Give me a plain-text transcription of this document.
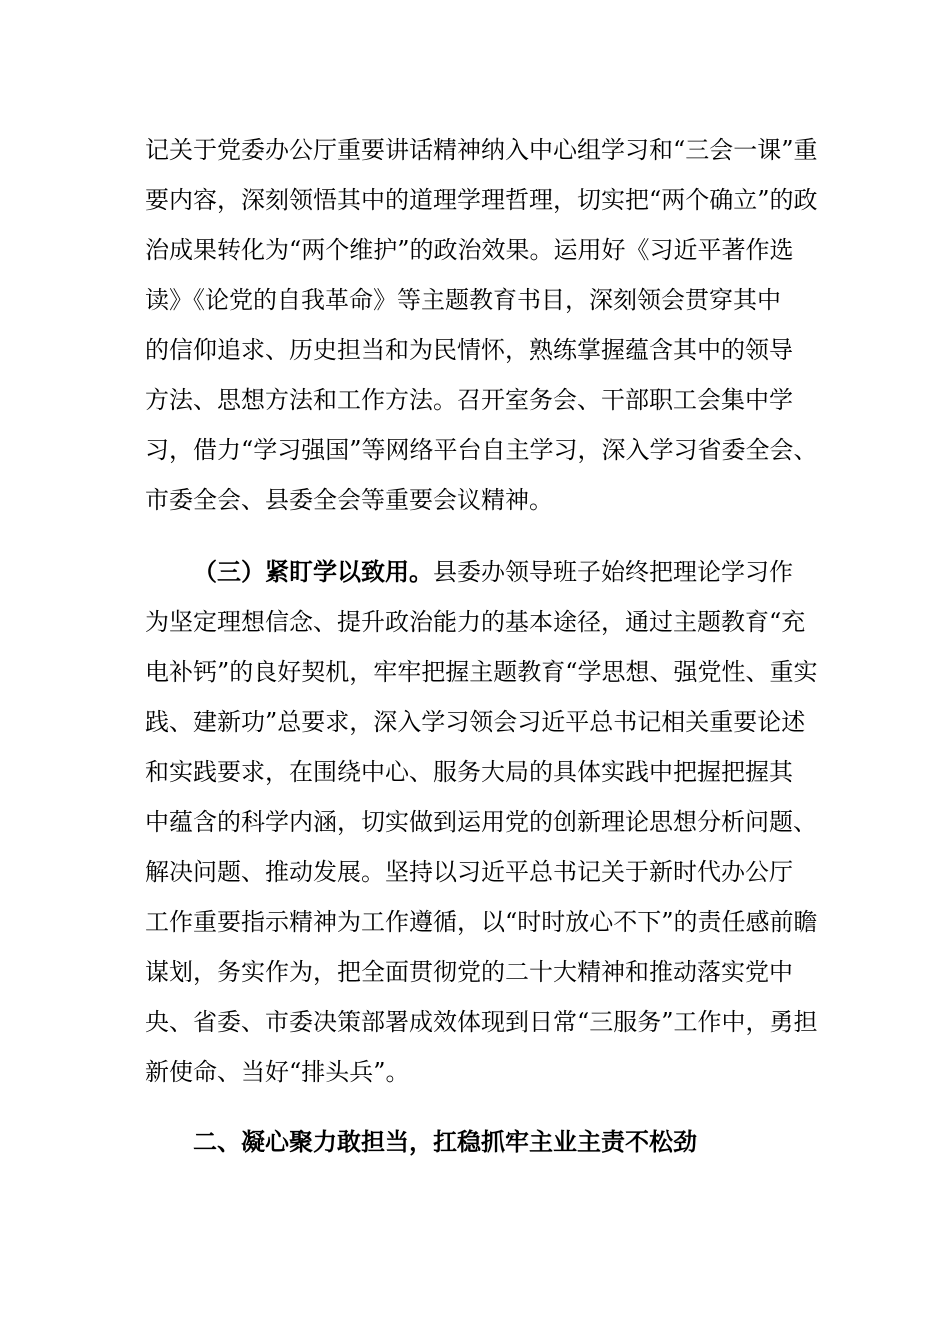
记关于党委办公厅重要讲话精神纳入中心组学习和“三会一课”重
要内容，深刻领悟其中的道理学理哲理，切实把“两个确立”的政
治成果转化为“两个维护”的政治效果。运用好《习近平著作选
读》《论党的自我革命》等主题教育书目，深刻领会贯穿其中
的信仰追求、历史担当和为民情怀，熟练掌握蕴含其中的领导
方法、思想方法和工作方法。召开室务会、干部职工会集中学
习，借力“学习强国”等网络平台自主学习，深入学习省委全会、
市委全会、县委全会等重要会议精神。
（三）紧盯学以致用。 县委办领导班子始终把理论学习作
为坚定理想信念、提升政治能力的基本途径，通过主题教育“充
电补钙”的良好契机，牢牢把握主题教育“学思想、强党性、重实
践、建新功”总要求，深入学习领会习近平总书记相关重要论述
和实践要求，在围绕中心、服务大局的具体实践中把握把握其
中蕴含的科学内涵，切实做到运用党的创新理论思想分析问题、
解决问题、推动发展。坚持以习近平总书记关于新时代办公厅
工作重要指示精神为工作遵循，以“时时放心不下”的责任感前瞻
谋划，务实作为，把全面贯彻党的二十大精神和推动落实党中
央、省委、市委决策部署成效体现到日常“三服务”工作中，勇担
新使命、当好“排头兵”。
二、凝心聚力敢担当，扛稳抓牢主业主责不松劲
